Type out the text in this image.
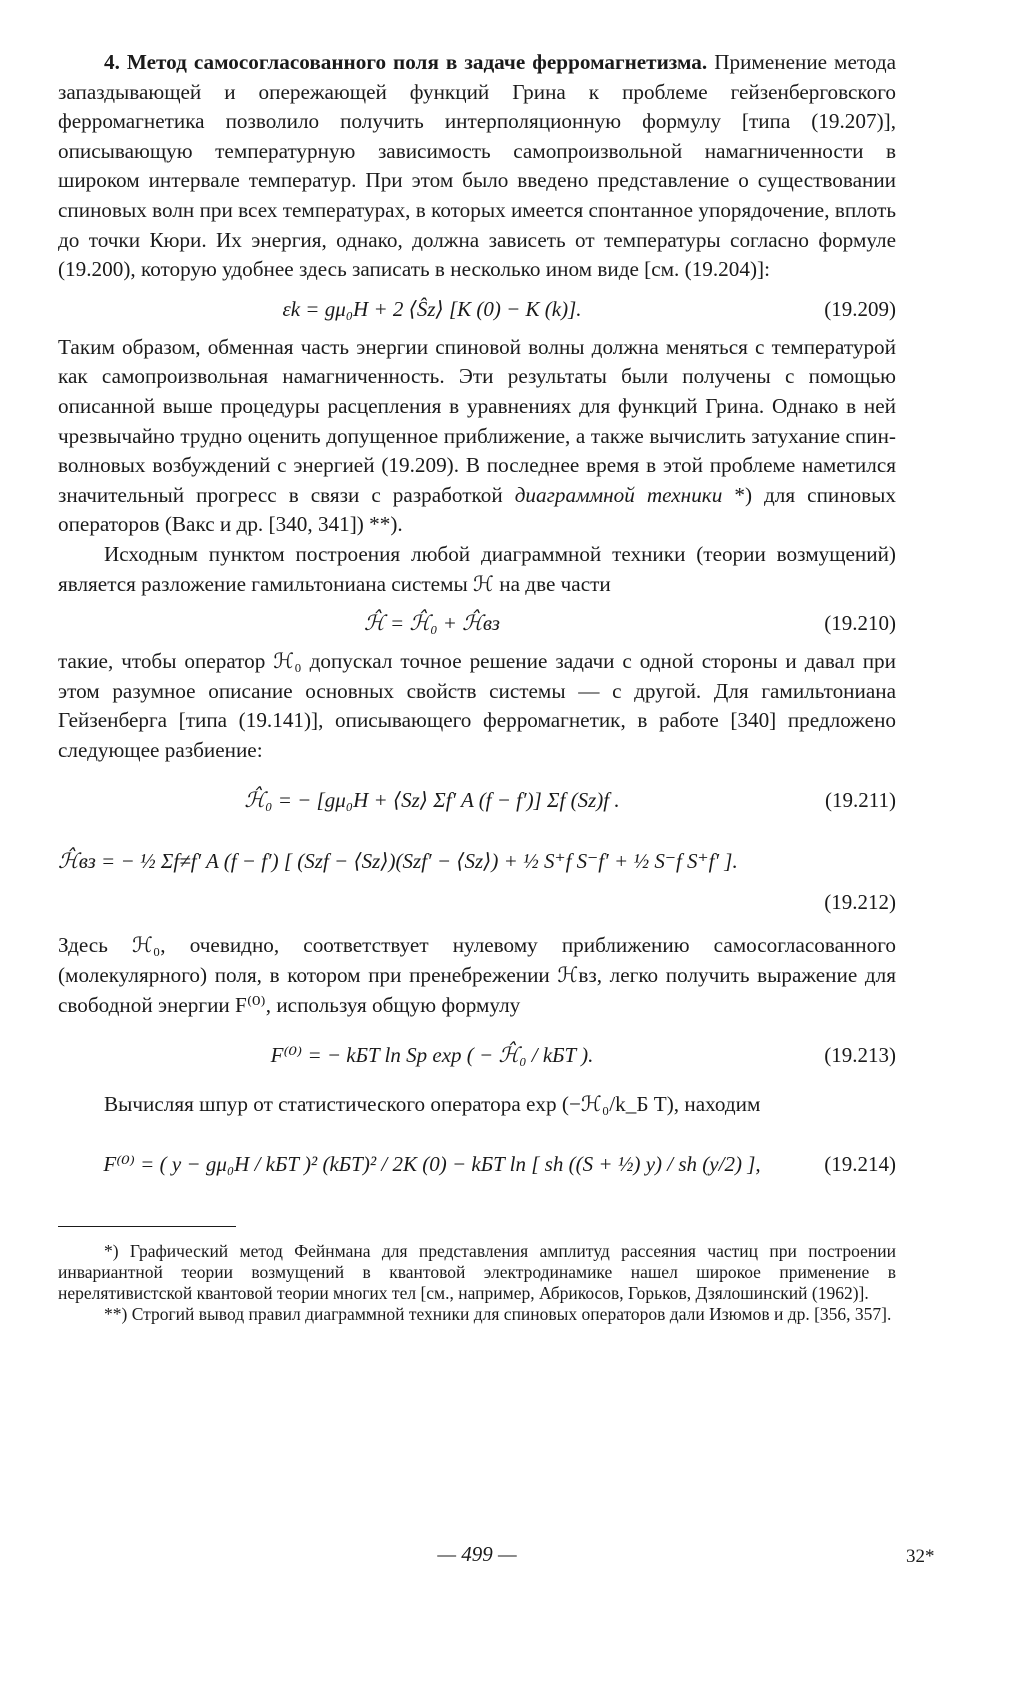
4. Метод самосогласованного поля в задаче ферромагнетизма. Применение метода запаздывающей и опережающей функций Грина к проблеме гейзенберговского ферромагнетика позволило получить интерполяционную формулу [типа (19.207)], описывающую температурную зависимость самопроизвольной намагниченности в широком интервале температур. При этом было введено представление о существовании спиновых волн при всех температурах, в которых имеется спонтанное упорядочение, вплоть до точки Кюри. Их энергия, однако, должна зависеть от температуры согласно формуле (19.200), которую удобнее здесь записать в несколько ином виде [см. (19.204)]:

εk = gμ₀H + 2 ⟨Ŝz⟩ [K (0) − K (k)].	(19.209)

Таким образом, обменная часть энергии спиновой волны должна меняться с температурой как самопроизвольная намагниченность. Эти результаты были получены с помощью описанной выше процедуры расцепления в уравнениях для функций Грина. Однако в ней чрезвычайно трудно оценить допущенное приближение, а также вычислить затухание спин-волновых возбуждений с энергией (19.209). В последнее время в этой проблеме наметился значительный прогресс в связи с разработкой диаграммной техники *) для спиновых операторов (Вакс и др. [340, 341]) **).

Исходным пунктом построения любой диаграммной техники (теории возмущений) является разложение гамильтониана системы ℋ на две части

ℋ̂ = ℋ̂₀ + ℋ̂вз	(19.210)

такие, чтобы оператор ℋ₀ допускал точное решение задачи с одной стороны и давал при этом разумное описание основных свойств системы — с другой. Для гамильтониана Гейзенберга [типа (19.141)], описывающего ферромагнетик, в работе [340] предложено следующее разбиение:

ℋ̂₀ = − [gμ₀H + ⟨Sz⟩ Σf′ A (f − f′)] Σf (Sz)f .	(19.211)
ℋ̂вз = − ½ Σf≠f′ A (f − f′) [ (Szf − ⟨Sz⟩)(Szf′ − ⟨Sz⟩) + ½ S⁺f S⁻f′ + ½ S⁻f S⁺f′ ].
(19.212)

Здесь ℋ₀, очевидно, соответствует нулевому приближению самосогласованного (молекулярного) поля, в котором при пренебрежении ℋвз, легко получить выражение для свободной энергии F⁽⁰⁾, используя общую формулу

F⁽⁰⁾ = − kБT ln Sp exp ( − ℋ̂₀ / kБT ).	(19.213)

Вычисляя шпур от статистического оператора exp (−ℋ₀/k_Б T), находим

F⁽⁰⁾ = ( y − gμ₀H / kБT )² (kБT)² / 2K (0) − kБT ln [ sh ((S + ½) y) / sh (y/2) ],	(19.214)

*) Графический метод Фейнмана для представления амплитуд рассеяния частиц при построении инвариантной теории возмущений в квантовой электродинамике нашел широкое применение в нерелятивистской квантовой теории многих тел [см., например, Абрикосов, Горьков, Дзялошинский (1962)].

**) Строгий вывод правил диаграммной техники для спиновых операторов дали Изюмов и др. [356, 357].

— 499 —	32*
